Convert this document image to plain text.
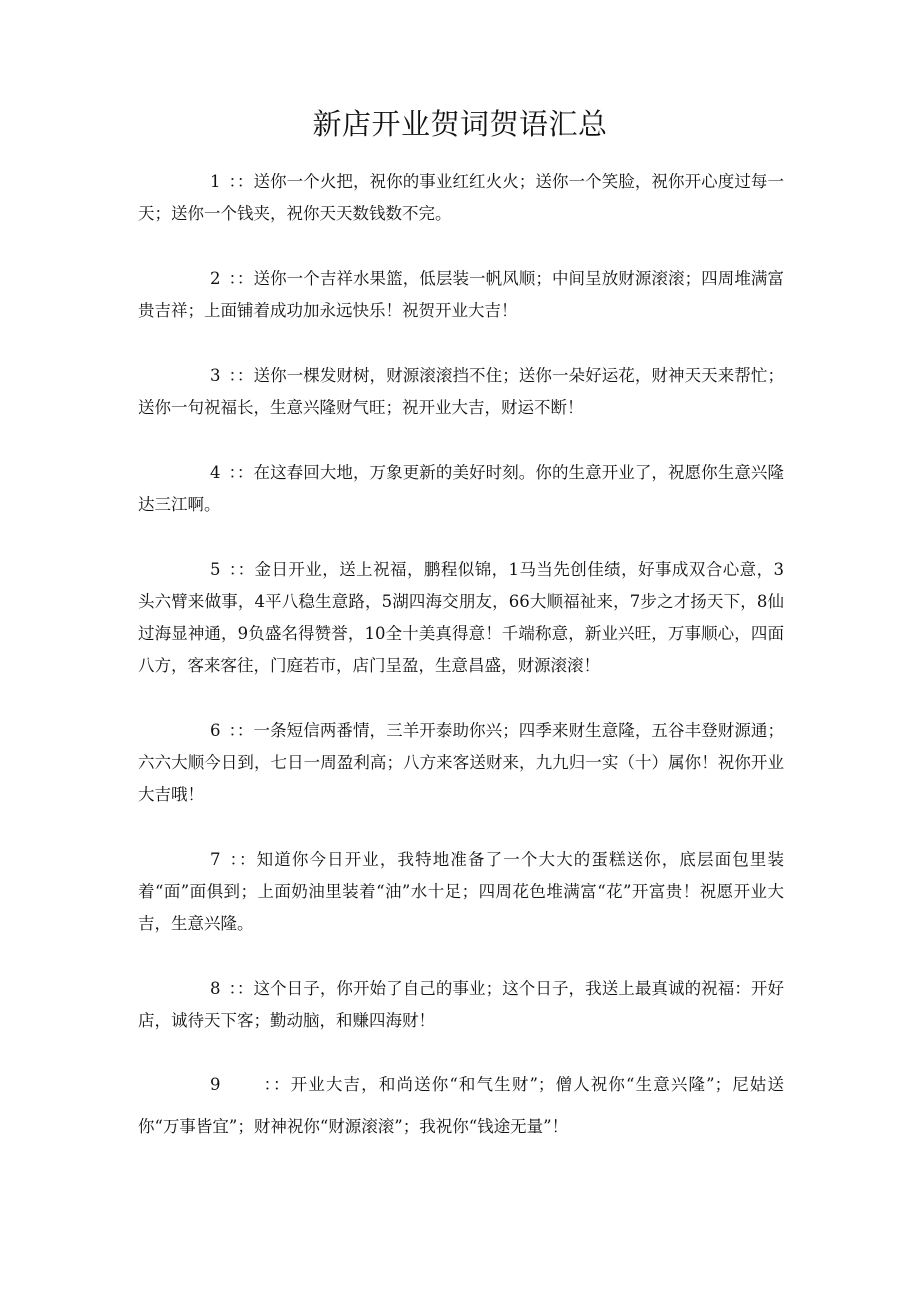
新店开业贺词贺语汇总

1 ：：送你一个火把，祝你的事业红红火火；送你一个笑脸，祝你开心度过每一天；送你一个钱夹，祝你天天数钱数不完。

2 ：：送你一个吉祥水果篮，低层装一帆风顺；中间呈放财源滚滚；四周堆满富贵吉祥；上面铺着成功加永远快乐！祝贺开业大吉！

3 ：：送你一棵发财树，财源滚滚挡不住；送你一朵好运花，财神天天来帮忙；送你一句祝福长，生意兴隆财气旺；祝开业大吉，财运不断！

4 ：：在这春回大地，万象更新的美好时刻。你的生意开业了，祝愿你生意兴隆达三江啊。

5 ：：金日开业，送上祝福，鹏程似锦，1马当先创佳绩，好事成双合心意，3头六臂来做事，4平八稳生意路，5湖四海交朋友，66大顺福祉来，7步之才扬天下，8仙过海显神通，9负盛名得赞誉，10全十美真得意！千端称意，新业兴旺，万事顺心，四面八方，客来客往，门庭若市，店门呈盈，生意昌盛，财源滚滚！

6 ：：一条短信两番情，三羊开泰助你兴；四季来财生意隆，五谷丰登财源通；六六大顺今日到，七日一周盈利高；八方来客送财来，九九归一实（十）属你！祝你开业大吉哦！

7 ：：知道你今日开业，我特地准备了一个大大的蛋糕送你，底层面包里装着“面”面俱到；上面奶油里装着“油”水十足；四周花色堆满富“花”开富贵！祝愿开业大吉，生意兴隆。

8 ：：这个日子，你开始了自己的事业；这个日子，我送上最真诚的祝福：开好店，诚待天下客；勤动脑，和赚四海财！

9	：：开业大吉，和尚送你“和气生财”；僧人祝你“生意兴隆”；尼姑送你“万事皆宜”；财神祝你“财源滚滚”；我祝你“钱途无量”！
